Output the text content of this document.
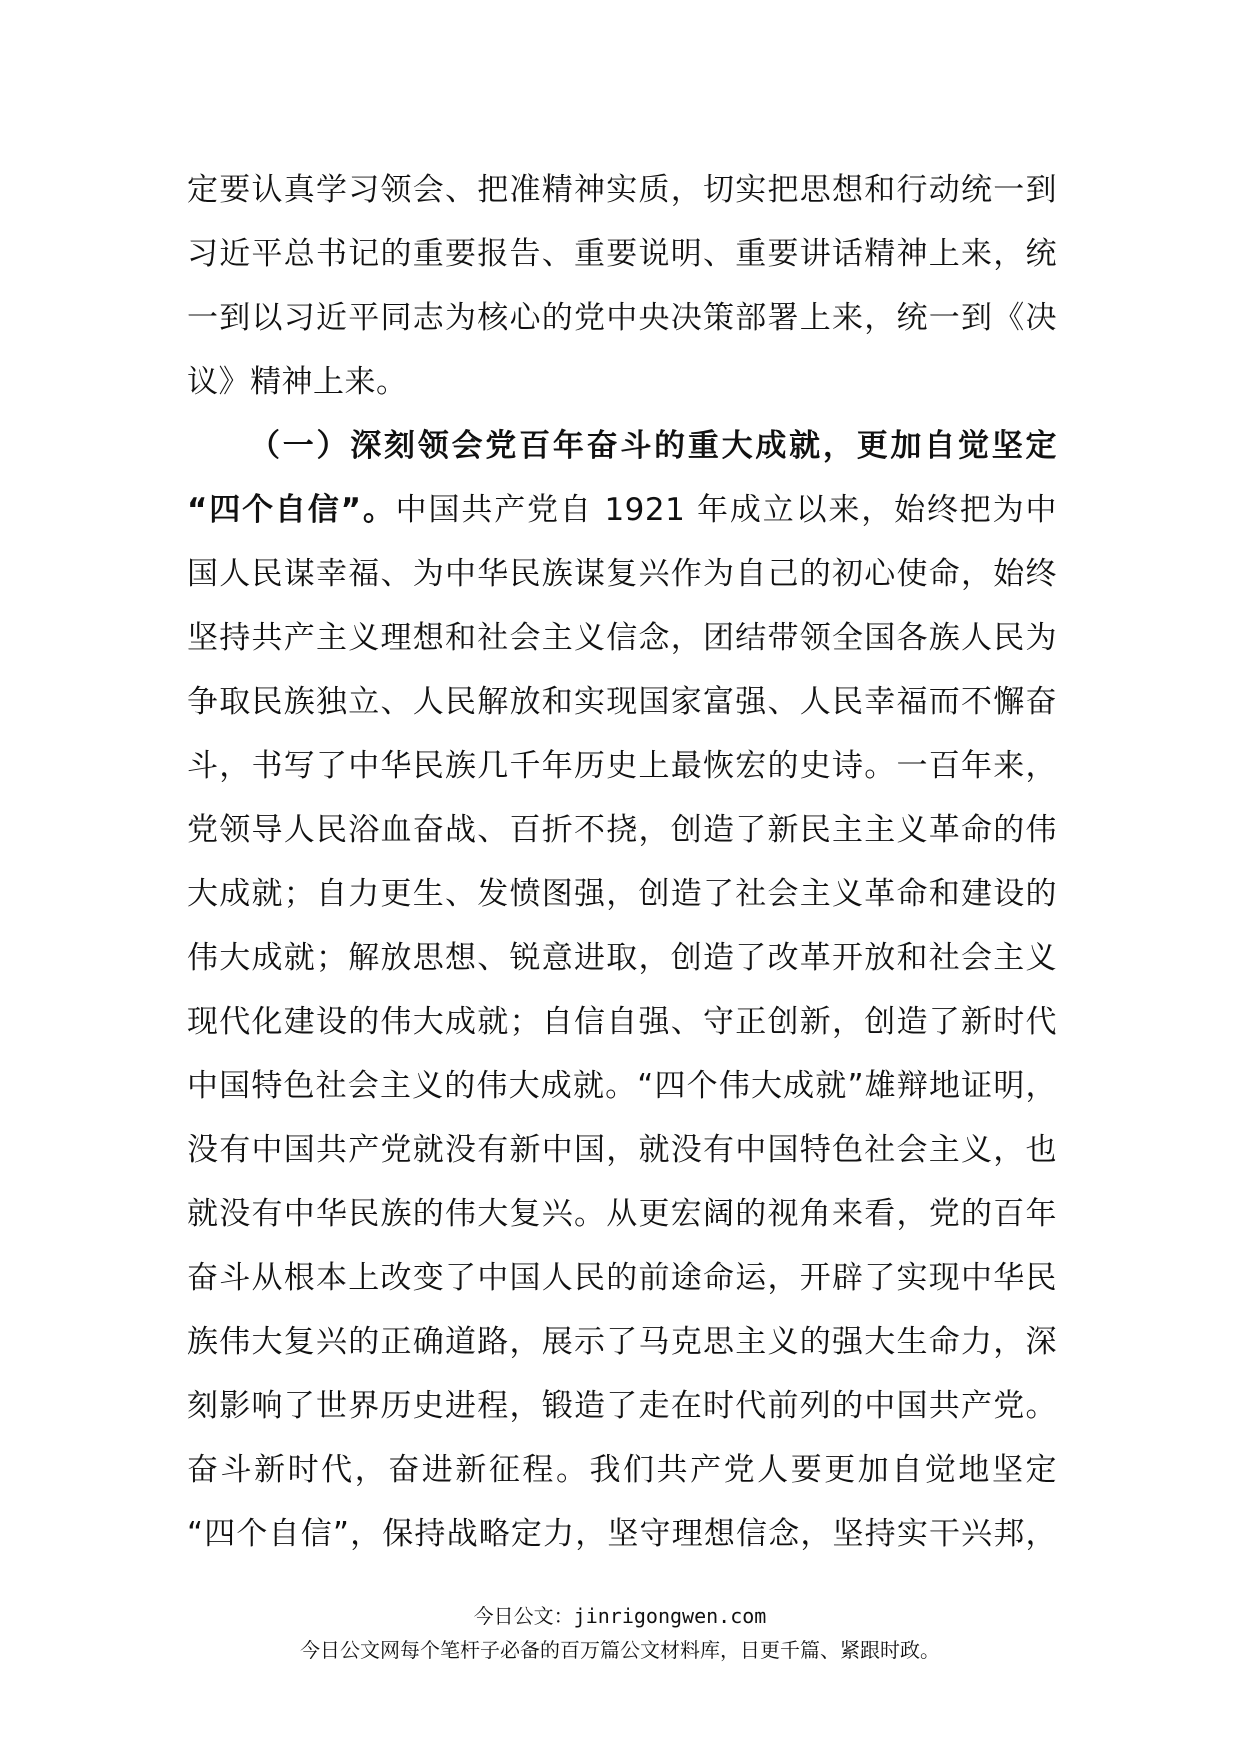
定要认真学习领会、把准精神实质，切实把思想和行动统一到
习近平总书记的重要报告、重要说明、重要讲话精神上来，统
一到以习近平同志为核心的党中央决策部署上来，统一到《决
议》精神上来。
（一）深刻领会党百年奋斗的重大成就，更加自觉坚定
“四个自信”。中国共产党自 1921 年成立以来，始终把为中
国人民谋幸福、为中华民族谋复兴作为自己的初心使命，始终
坚持共产主义理想和社会主义信念，团结带领全国各族人民为
争取民族独立、人民解放和实现国家富强、人民幸福而不懈奋
斗，书写了中华民族几千年历史上最恢宏的史诗。一百年来，
党领导人民浴血奋战、百折不挠，创造了新民主主义革命的伟
大成就；自力更生、发愤图强，创造了社会主义革命和建设的
伟大成就；解放思想、锐意进取，创造了改革开放和社会主义
现代化建设的伟大成就；自信自强、守正创新，创造了新时代
中国特色社会主义的伟大成就。“四个伟大成就”雄辩地证明，
没有中国共产党就没有新中国，就没有中国特色社会主义，也
就没有中华民族的伟大复兴。从更宏阔的视角来看，党的百年
奋斗从根本上改变了中国人民的前途命运，开辟了实现中华民
族伟大复兴的正确道路，展示了马克思主义的强大生命力，深
刻影响了世界历史进程，锻造了走在时代前列的中国共产党。
奋斗新时代，奋进新征程。我们共产党人要更加自觉地坚定
“四个自信”，保持战略定力，坚守理想信念，坚持实干兴邦，
今日公文：jinrigongwen.com
今日公文网每个笔杆子必备的百万篇公文材料库，日更千篇、紧跟时政。
